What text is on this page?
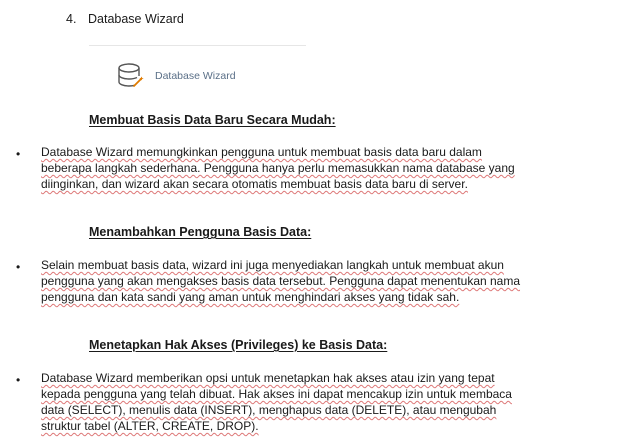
4. Database Wizard
Database Wizard
Membuat Basis Data Baru Secara Mudah:
• Database Wizard memungkinkan pengguna untuk membuat basis data baru dalam beberapa langkah sederhana. Pengguna hanya perlu memasukkan nama database yang diinginkan, dan wizard akan secara otomatis membuat basis data baru di server.
Menambahkan Pengguna Basis Data:
• Selain membuat basis data, wizard ini juga menyediakan langkah untuk membuat akun pengguna yang akan mengakses basis data tersebut. Pengguna dapat menentukan nama pengguna dan kata sandi yang aman untuk menghindari akses yang tidak sah.
Menetapkan Hak Akses (Privileges) ke Basis Data:
• Database Wizard memberikan opsi untuk menetapkan hak akses atau izin yang tepat kepada pengguna yang telah dibuat. Hak akses ini dapat mencakup izin untuk membaca data (SELECT), menulis data (INSERT), menghapus data (DELETE), atau mengubah struktur tabel (ALTER, CREATE, DROP).
